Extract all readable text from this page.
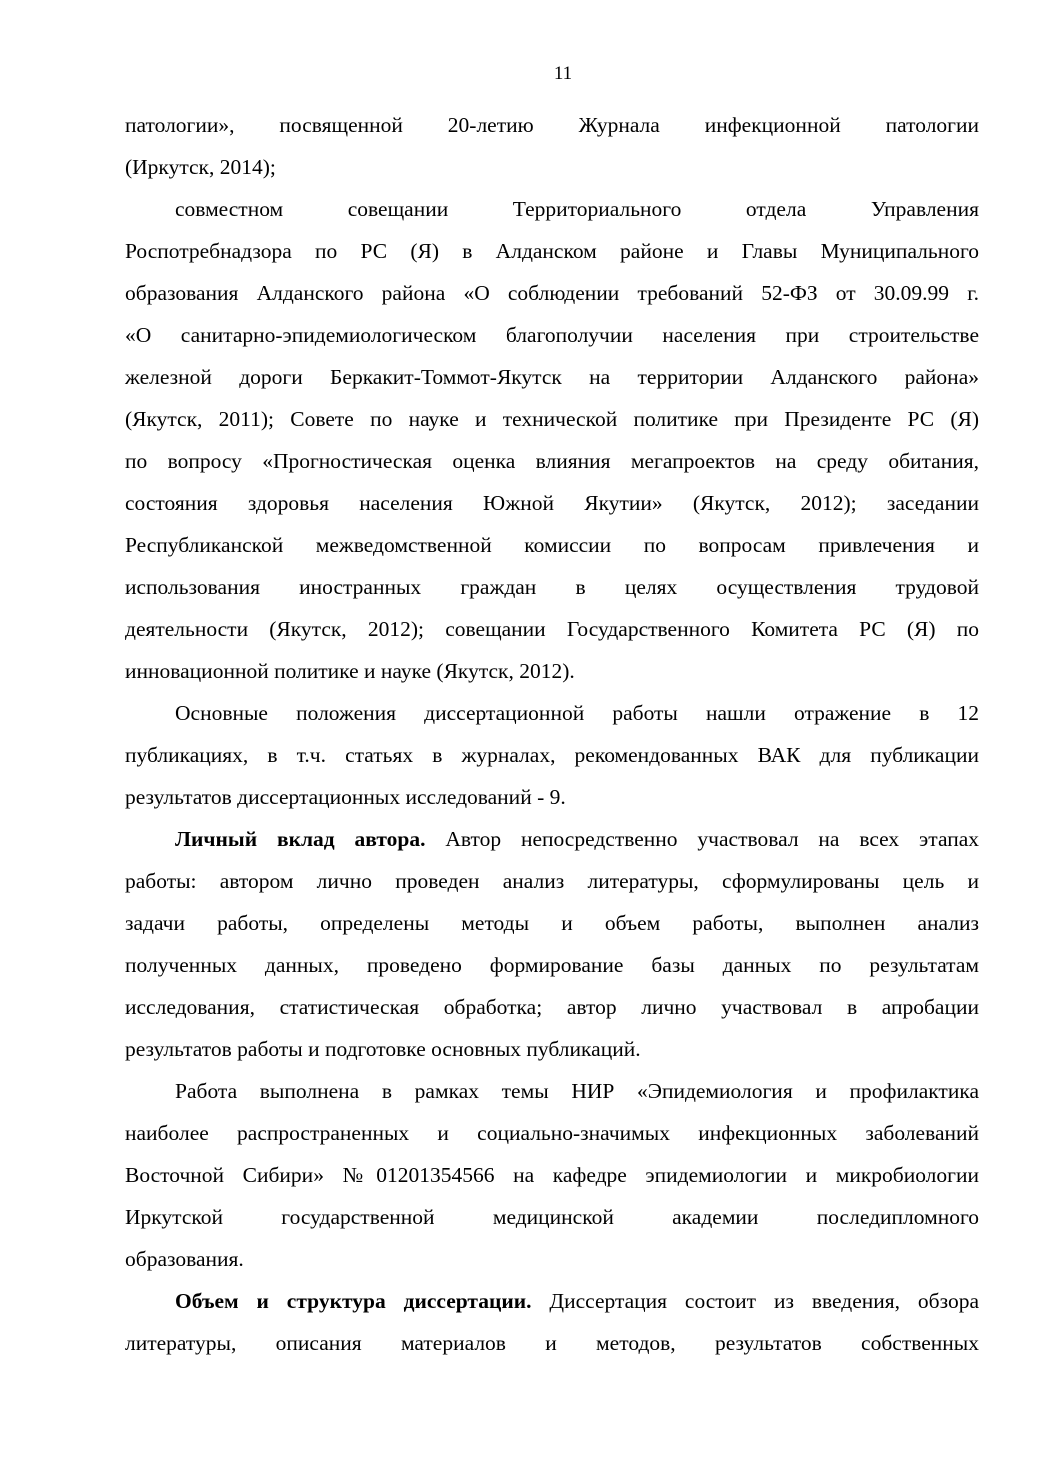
11
патологии», посвященной 20-летию Журнала инфекционной патологии
(Иркутск, 2014);
совместном совещании Территориального отдела Управления
Роспотребнадзора по РС (Я) в Алданском районе и Главы Муниципального
образования Алданского района «О соблюдении требований 52-ФЗ от 30.09.99 г.
«О санитарно-эпидемиологическом благополучии населения при строительстве
железной дороги Беркакит-Томмот-Якутск на территории Алданского района»
(Якутск, 2011); Совете по науке и технической политике при Президенте РС (Я)
по вопросу «Прогностическая оценка влияния мегапроектов на среду обитания,
состояния здоровья населения Южной Якутии» (Якутск, 2012); заседании
Республиканской межведомственной комиссии по вопросам привлечения и
использования иностранных граждан в целях осуществления трудовой
деятельности (Якутск, 2012); совещании Государственного Комитета РС (Я) по
инновационной политике и науке (Якутск, 2012).
Основные положения диссертационной работы нашли отражение в 12
публикациях, в т.ч. статьях в журналах, рекомендованных ВАК для публикации
результатов диссертационных исследований - 9.
Личный вклад автора. Автор непосредственно участвовал на всех этапах
работы: автором лично проведен анализ литературы, сформулированы цель и
задачи работы, определены методы и объем работы, выполнен анализ
полученных данных, проведено формирование базы данных по результатам
исследования, статистическая обработка; автор лично участвовал в апробации
результатов работы и подготовке основных публикаций.
Работа выполнена в рамках темы НИР «Эпидемиология и профилактика
наиболее распространенных и социально-значимых инфекционных заболеваний
Восточной Сибири» №01201354566 на кафедре эпидемиологии и микробиологии
Иркутской государственной медицинской академии последипломного
образования.
Объем и структура диссертации. Диссертация состоит из введения, обзора
литературы, описания материалов и методов, результатов собственных
